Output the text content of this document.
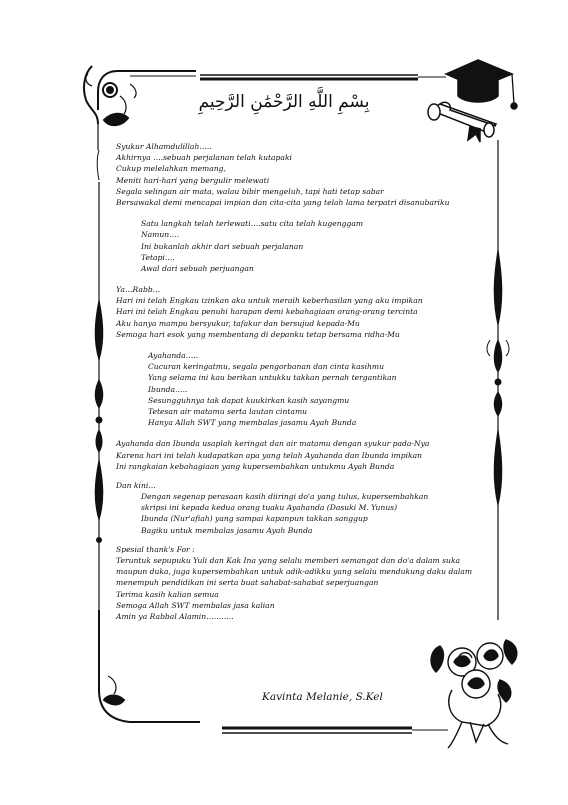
بِسْمِ اللَّهِ الرَّحْمَٰنِ الرَّحِيمِ
Syukur Alhamdulillah…..
Akhirnya ….sebuah perjalanan telah kutapaki
Cukup melelahkan memang,
Meniti hari-hari yang bergulir melewati
Segala selingan air mata, walau bibir mengeluh, tapi hati tetap sabar
Bersawakal demi mencapai impian dan cita-cita yang telah lama terpatri disanubariku
Satu langkah telah terlewati….satu cita telah kugenggam
Namun….
Ini bukanlah akhir dari sebuah perjalanan
Tetapi….
Awal dari sebuah perjuangan
Ya…Rabb…
Hari ini telah Engkau izinkan aku untuk meraih keberhasilan yang aku impikan
Hari ini telah Engkau penuhi harapan demi kebahagiaan orang-orang tercinta
Aku hanya mampu bersyukur, tafakur dan bersujud kepada-Mu
Semoga hari esok yang membentang di depanku tetap bersama ridha-Mu
Ayahanda…..
Cucuran keringatmu, segala pengorbanan dan cinta kasihmu
Yang selama ini kau berikan untukku takkan pernah tergantikan
Ibunda…..
Sesungguhnya tak dapat kuukirkan kasih sayangmu
Tetesan air matamu serta lautan cintamu
Hanya Allah SWT yang membalas jasamu Ayah Bunda
Ayahanda dan Ibunda usaplah keringat dan air matamu dengan syukur pada-Nya
Karena hari ini telah kudapatkan apa yang telah Ayahanda dan Ibunda impikan
Ini rangkaian kebahagiaan yang kupersembahkan untukmu Ayah Bunda
Dan kini…
Dengan segenap perasaan kasih diiringi do'a yang tulus, kupersembahkan
skripsi ini kepada kedua orang tuaku Ayahanda (Dasuki M. Yunus)
Ibunda (Nur'afiah) yang sampai kapanpun takkan sanggup
Bagiku untuk membalas jasamu Ayah Bunda
Spesial thank's For :
Teruntuk sepupuku Yuli dan Kak Ina yang selalu memberi semangat dan do'a dalam suka
maupun duka, juga kupersembahkan untuk adik-adikku yang selalu mendukung daku dalam
menempuh pendidikan ini serta buat sahabat-sahabat seperjuangan
Terima kasih kalian semua
Semoga Allah SWT membalas jasa kalian
Amin ya Rabbal Alamin………..
Kavinta Melanie, S.Kel
